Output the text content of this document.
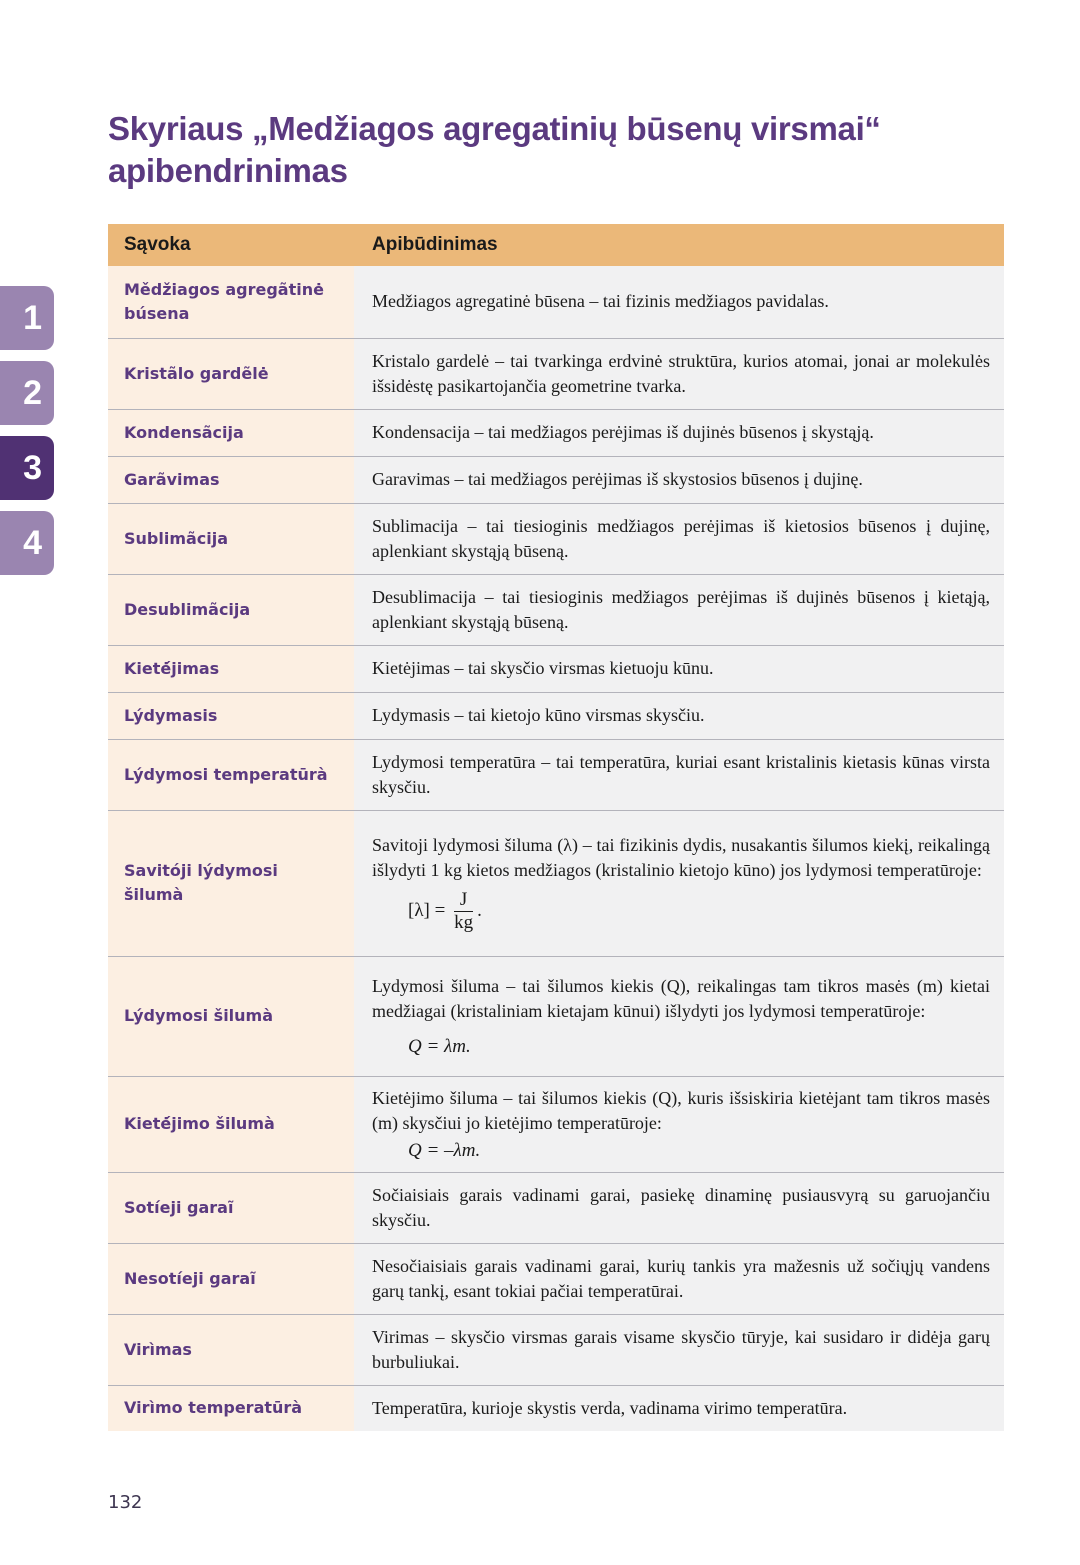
Skyriaus „Medžiagos agregatinių būsenų virsmai“ apibendrinimas
1
2
3
4
Sąvoka	Apibūdinimas
Mědžiagos agregãtinė búsena	Medžiagos agregatinė būsena – tai fizinis medžiagos pavidalas.
Kristãlo gardẽlė	Kristalo gardelė – tai tvarkinga erdvinė struktūra, kurios atomai, jonai ar molekulės išsidėstę pasikartojančia geometrine tvarka.
Kondensãcija	Kondensacija – tai medžiagos perėjimas iš dujinės būsenos į skystąją.
Garãvimas	Garavimas – tai medžiagos perėjimas iš skystosios būsenos į dujinę.
Sublimãcija	Sublimacija – tai tiesioginis medžiagos perėjimas iš kietosios būsenos į dujinę, aplenkiant skystąją būseną.
Desublimãcija	Desublimacija – tai tiesioginis medžiagos perėjimas iš dujinės būsenos į kietąją, aplenkiant skystąją būseną.
Kietė́jimas	Kietėjimas – tai skysčio virsmas kietuoju kūnu.
Lýdymasis	Lydymasis – tai kietojo kūno virsmas skysčiu.
Lýdymosi temperatūrà	Lydymosi temperatūra – tai temperatūra, kuriai esant kristalinis kietasis kūnas virsta skysčiu.
Savitóji lýdymosi šilumà	Savitoji lydymosi šiluma (λ) – tai fizikinis dydis, nusakantis šilumos kiekį, reikalingą išlydyti 1 kg kietos medžiagos (kristalinio kietojo kūno) jos lydymosi temperatūroje:
$[\lambda] = \frac{J}{kg}$ .

Lýdymosi šilumà	Lydymosi šiluma – tai šilumos kiekis (Q), reikalingas tam tikros masės (m) kietai medžiagai (kristaliniam kietajam kūnui) išlydyti jos lydymosi temperatūroje:
Q = λm.

Kietė́jimo šilumà	Kietėjimo šiluma – tai šilumos kiekis (Q), kuris išsiskiria kietėjant tam tikros masės (m) skysčiui jo kietėjimo temperatūroje:
Q = –λm.

Sotíeji garaĩ	Sočiaisiais garais vadinami garai, pasiekę dinaminę pusiausvyrą su garuojančiu skysčiu.
Nesotíeji garaĩ	Nesočiaisiais garais vadinami garai, kurių tankis yra mažesnis už sočiųjų vandens garų tankį, esant tokiai pačiai temperatūrai.
Virìmas	Virimas – skysčio virsmas garais visame skysčio tūryje, kai susidaro ir didėja garų burbuliukai.
Virìmo temperatūrà	Temperatūra, kurioje skystis verda, vadinama virimo temperatūra.
132
